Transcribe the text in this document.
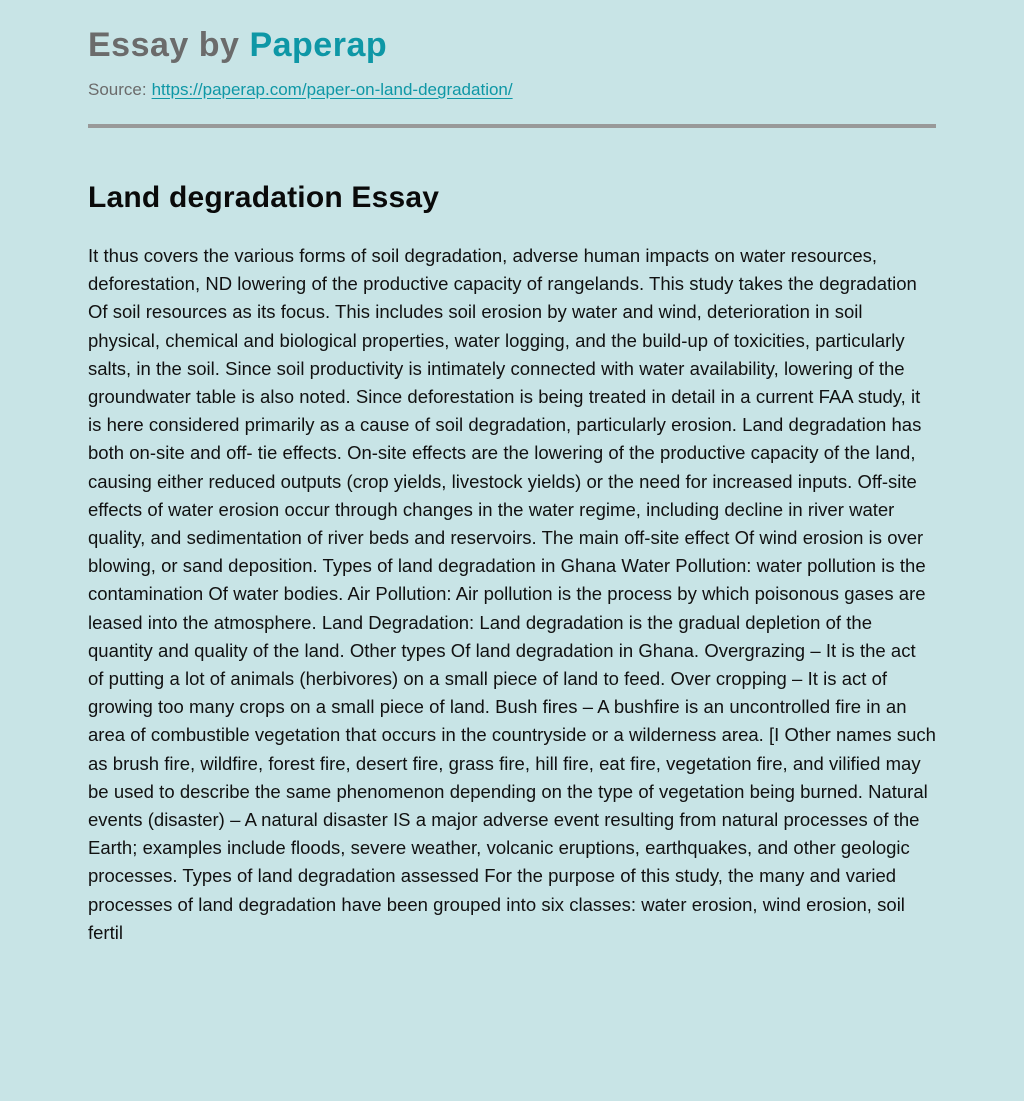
Essay by Paperap
Source: https://paperap.com/paper-on-land-degradation/
Land degradation Essay

It thus covers the various forms of soil degradation, adverse human impacts on water resources, deforestation, ND lowering of the productive capacity of rangelands. This study takes the degradation Of soil resources as its focus. This includes soil erosion by water and wind, deterioration in soil physical, chemical and biological properties, water logging, and the build-up of toxicities, particularly salts, in the soil. Since soil productivity is intimately connected with water availability, lowering of the groundwater table is also noted. Since deforestation is being treated in detail in a current FAA study, it is here considered primarily as a cause of soil degradation, particularly erosion. Land degradation has both on-site and off- tie effects. On-site effects are the lowering of the productive capacity of the land, causing either reduced outputs (crop yields, livestock yields) or the need for increased inputs. Off-site effects of water erosion occur through changes in the water regime, including decline in river water quality, and sedimentation of river beds and reservoirs. The main off-site effect Of wind erosion is over blowing, or sand deposition. Types of land degradation in Ghana Water Pollution: water pollution is the contamination Of water bodies. Air Pollution: Air pollution is the process by which poisonous gases are leased into the atmosphere. Land Degradation: Land degradation is the gradual depletion of the quantity and quality of the land. Other types Of land degradation in Ghana. Overgrazing – It is the act of putting a lot of animals (herbivores) on a small piece of land to feed. Over cropping – It is act of growing too many crops on a small piece of land. Bush fires – A bushfire is an uncontrolled fire in an area of combustible vegetation that occurs in the countryside or a wilderness area. [I Other names such as brush fire, wildfire, forest fire, desert fire, grass fire, hill fire, eat fire, vegetation fire, and vilified may be used to describe the same phenomenon depending on the type of vegetation being burned. Natural events (disaster) – A natural disaster IS a major adverse event resulting from natural processes of the Earth; examples include floods, severe weather, volcanic eruptions, earthquakes, and other geologic processes. Types of land degradation assessed For the purpose of this study, the many and varied processes of land degradation have been grouped into six classes: water erosion, wind erosion, soil fertil
